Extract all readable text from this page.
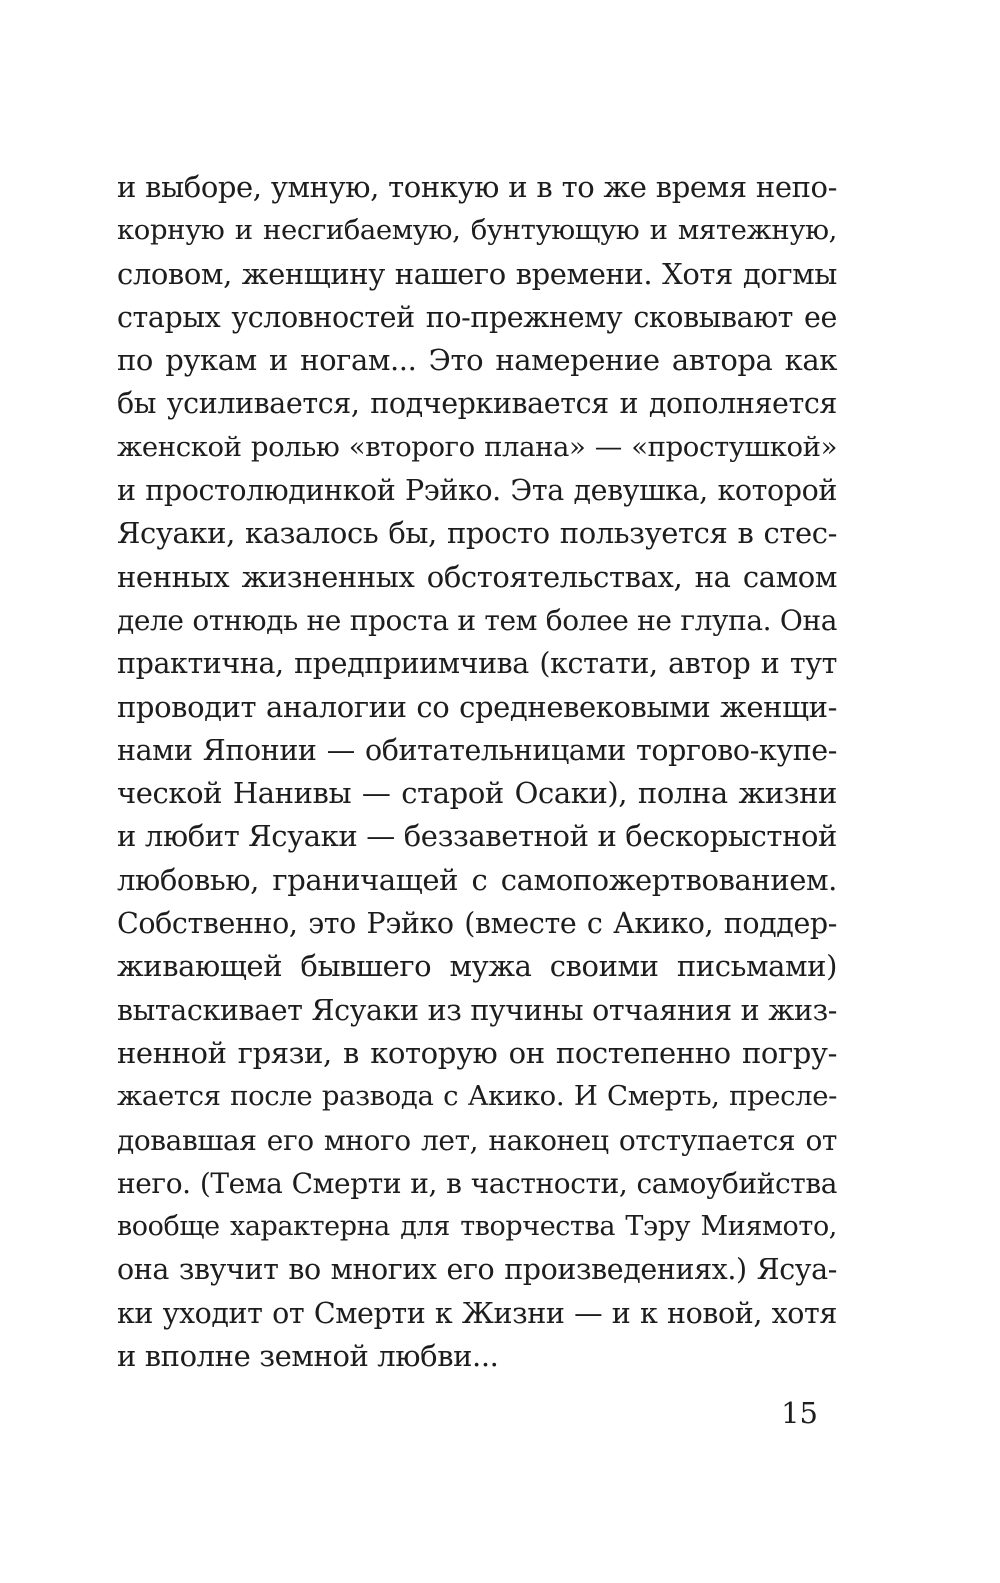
и выборе, умную, тонкую и в то же время непо-
корную и несгибаемую, бунтующую и мятежную,
словом, женщину нашего времени. Хотя догмы
старых условностей по-прежнему сковывают ее
по рукам и ногам... Это намерение автора как
бы усиливается, подчеркивается и дополняется
женской ролью «второго плана» — «простушкой»
и простолюдинкой Рэйко. Эта девушка, которой
Ясуаки, казалось бы, просто пользуется в стес-
ненных жизненных обстоятельствах, на самом
деле отнюдь не проста и тем более не глупа. Она
практична, предприимчива (кстати, автор и тут
проводит аналогии со средневековыми женщи-
нами Японии — обитательницами торгово-купе-
ческой Нанивы — старой Осаки), полна жизни
и любит Ясуаки — беззаветной и бескорыстной
любовью, граничащей с самопожертвованием.
Собственно, это Рэйко (вместе с Акико, поддер-
живающей бывшего мужа своими письмами)
вытаскивает Ясуаки из пучины отчаяния и жиз-
ненной грязи, в которую он постепенно погру-
жается после развода с Акико. И Смерть, пресле-
довавшая его много лет, наконец отступается от
него. (Тема Смерти и, в частности, самоубийства
вообще характерна для творчества Тэру Миямото,
она звучит во многих его произведениях.) Ясуа-
ки уходит от Смерти к Жизни — и к новой, хотя
и вполне земной любви...
15
